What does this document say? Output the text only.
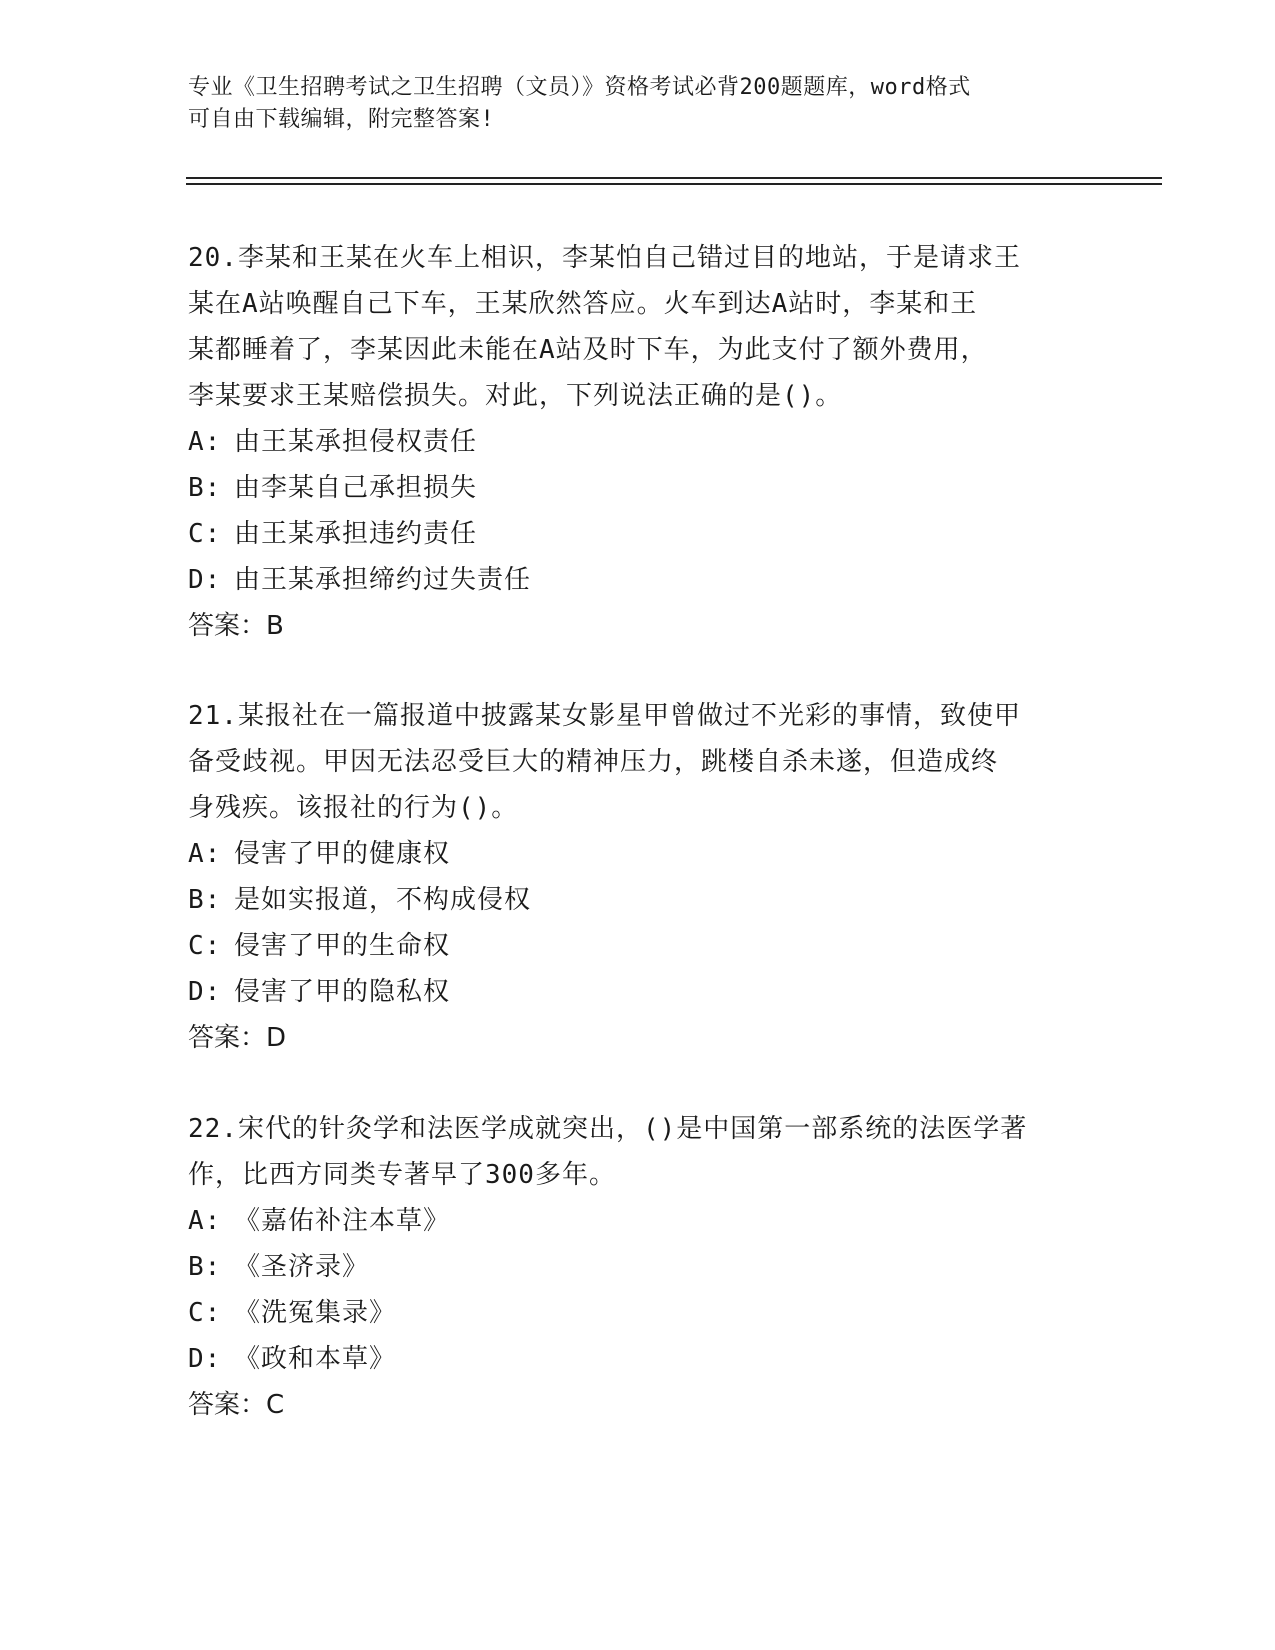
专业《卫生招聘考试之卫生招聘（文员）》资格考试必背200题题库，word格式
可自由下载编辑，附完整答案!
20.李某和王某在火车上相识，李某怕自己错过目的地站，于是请求王
某在A站唤醒自己下车，王某欣然答应。火车到达A站时，李某和王
某都睡着了，李某因此未能在A站及时下车，为此支付了额外费用，
李某要求王某赔偿损失。对此，下列说法正确的是()。
A: 由王某承担侵权责任
B: 由李某自己承担损失
C: 由王某承担违约责任
D: 由王某承担缔约过失责任
答案：B
21.某报社在一篇报道中披露某女影星甲曾做过不光彩的事情，致使甲
备受歧视。甲因无法忍受巨大的精神压力，跳楼自杀未遂，但造成终
身残疾。该报社的行为()。
A: 侵害了甲的健康权
B: 是如实报道，不构成侵权
C: 侵害了甲的生命权
D: 侵害了甲的隐私权
答案：D
22.宋代的针灸学和法医学成就突出，()是中国第一部系统的法医学著
作，比西方同类专著早了300多年。
A: 《嘉佑补注本草》
B: 《圣济录》
C: 《洗冤集录》
D: 《政和本草》
答案：C
